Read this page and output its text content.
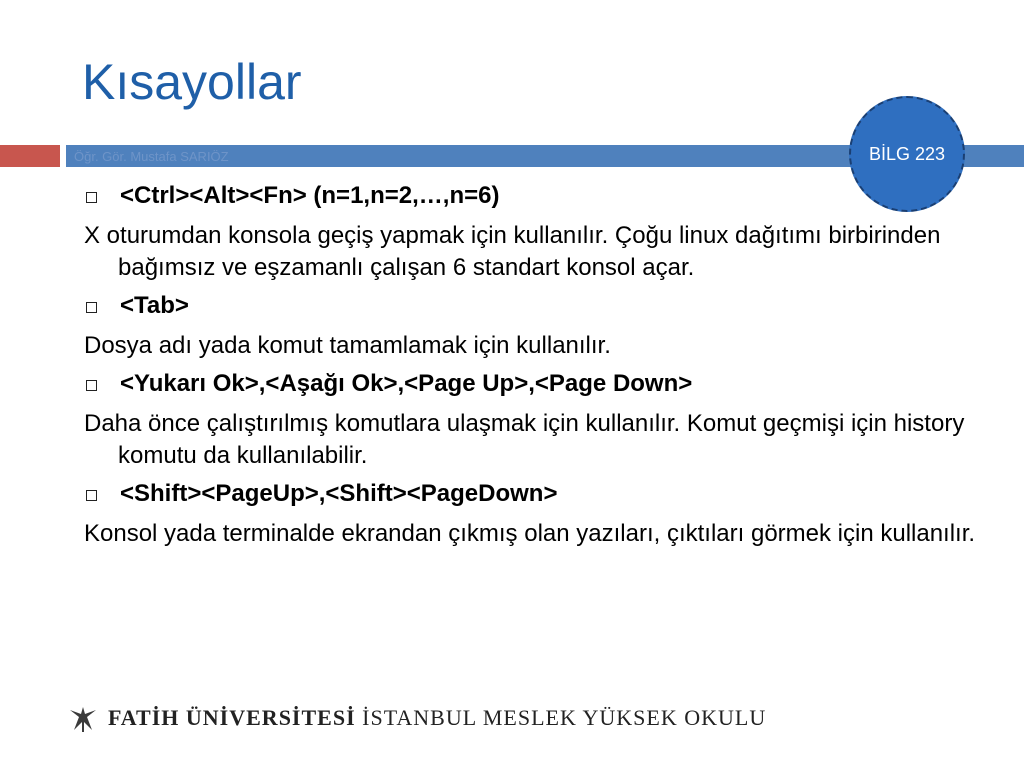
Kısayollar
Öğr. Gör. Mustafa SARIÖZ	BİLG 223
<Ctrl><Alt><Fn> (n=1,n=2,…,n=6)
X oturumdan konsola geçiş yapmak için kullanılır. Çoğu linux dağıtımı birbirinden bağımsız ve eşzamanlı çalışan 6 standart konsol açar.
<Tab>
Dosya adı yada komut tamamlamak için kullanılır.
<Yukarı Ok>,<Aşağı Ok>,<Page Up>,<Page Down>
Daha önce çalıştırılmış komutlara ulaşmak için kullanılır. Komut geçmişi için history komutu da kullanılabilir.
<Shift><PageUp>,<Shift><PageDown>
Konsol yada terminalde ekrandan çıkmış olan yazıları, çıktıları görmek için kullanılır.
FATİH ÜNİVERSİTESİ İSTANBUL MESLEK YÜKSEK OKULU
